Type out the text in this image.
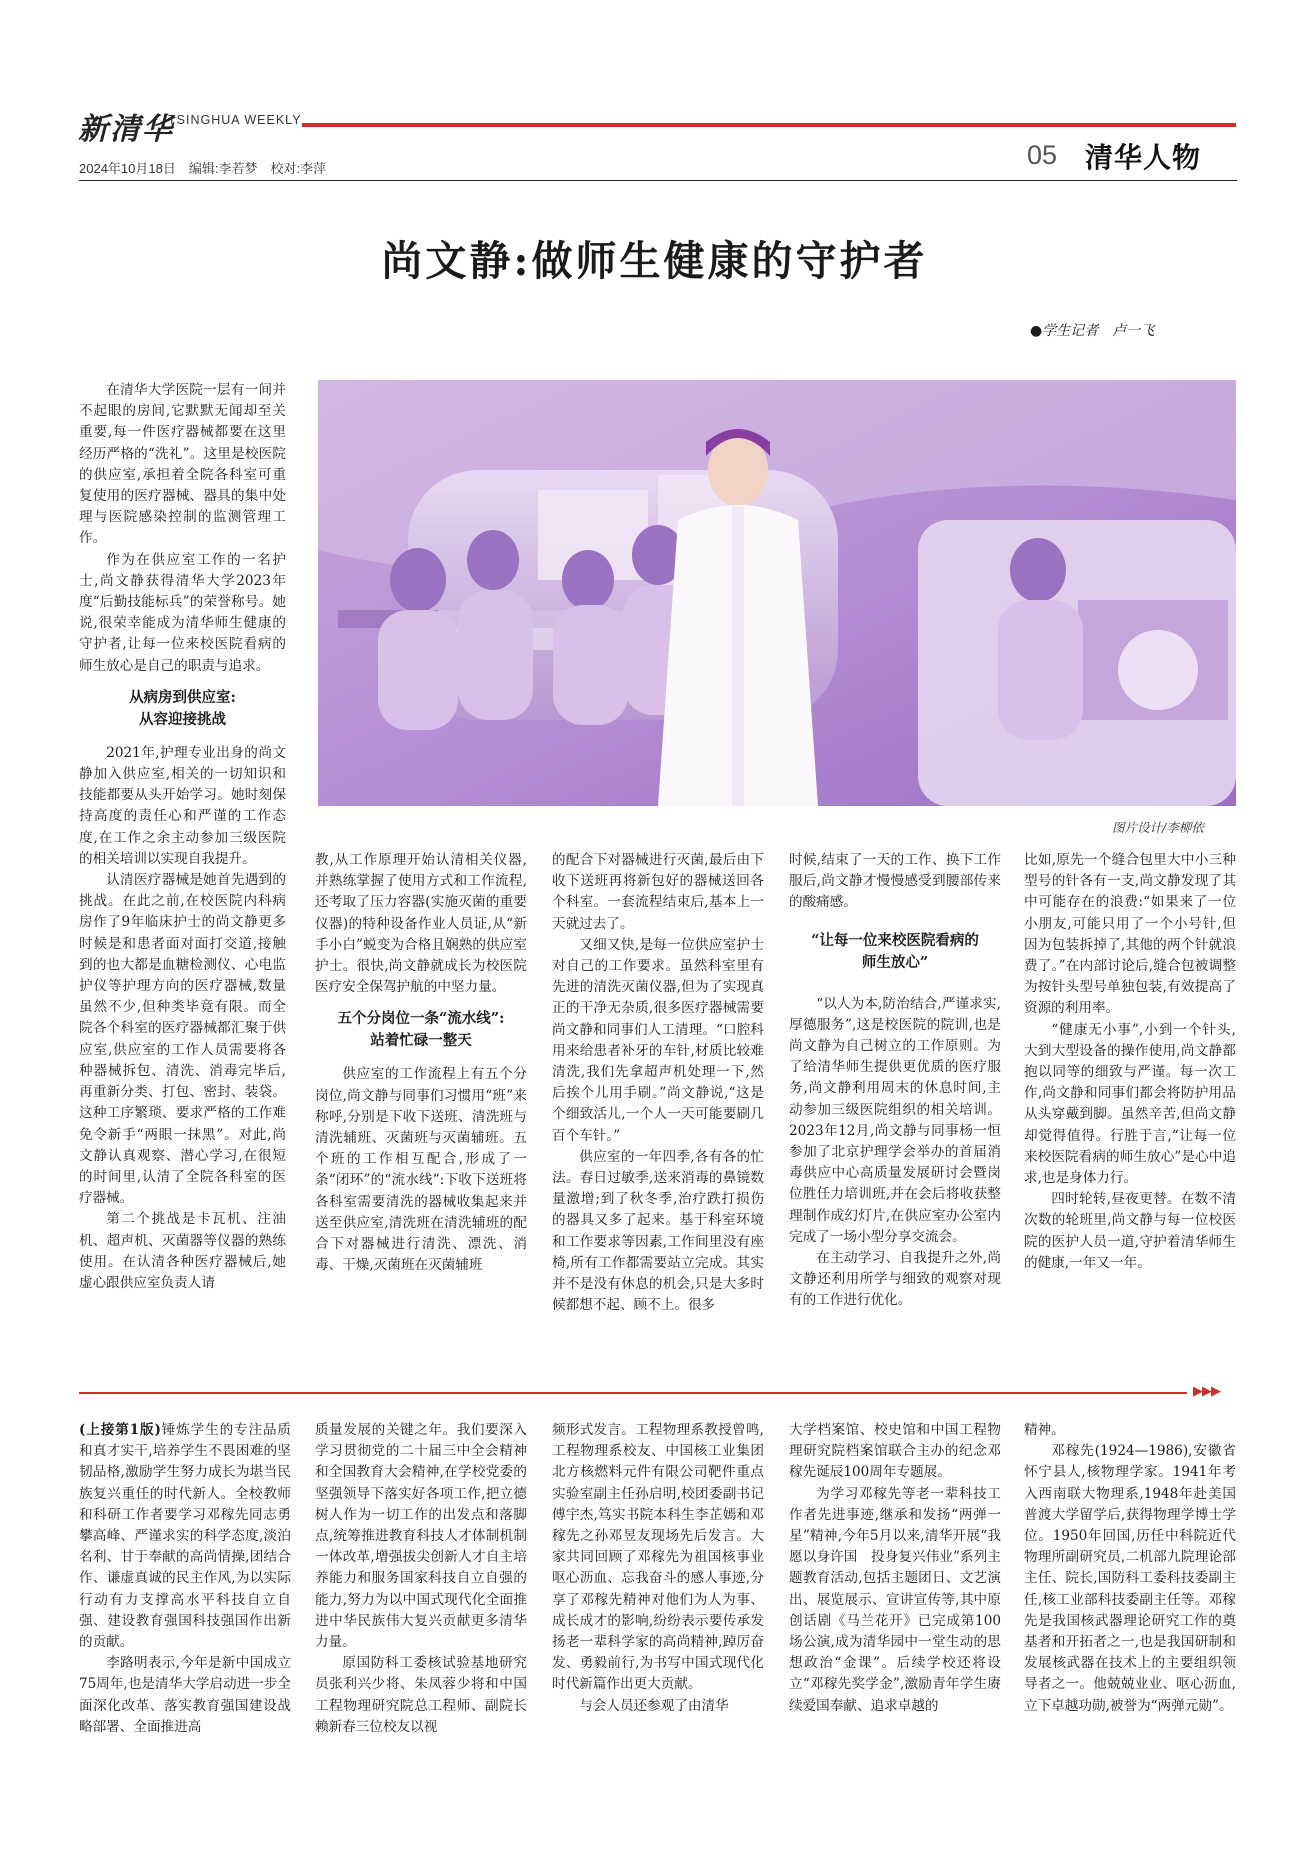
新清华
TSINGHUA WEEKLY
2024年10月18日　编辑:李若梦　校对:李萍	05 清华人物
尚文静:做师生健康的守护者
●学生记者　卢一飞
图片设计/李柳依

在清华大学医院一层有一间并不起眼的房间,它默默无闻却至关重要,每一件医疗器械都要在这里经历严格的“洗礼”。这里是校医院的供应室,承担着全院各科室可重复使用的医疗器械、器具的集中处理与医院感染控制的监测管理工作。

作为在供应室工作的一名护士,尚文静获得清华大学2023年度“后勤技能标兵”的荣誉称号。她说,很荣幸能成为清华师生健康的守护者,让每一位来校医院看病的师生放心是自己的职责与追求。

从病房到供应室:
从容迎接挑战

2021年,护理专业出身的尚文静加入供应室,相关的一切知识和技能都要从头开始学习。她时刻保持高度的责任心和严谨的工作态度,在工作之余主动参加三级医院的相关培训以实现自我提升。

认清医疗器械是她首先遇到的挑战。在此之前,在校医院内科病房作了9年临床护士的尚文静更多时候是和患者面对面打交道,接触到的也大都是血糖检测仪、心电监护仪等护理方向的医疗器械,数量虽然不少,但种类毕竟有限。而全院各个科室的医疗器械都汇聚于供应室,供应室的工作人员需要将各种器械拆包、清洗、消毒完毕后,再重新分类、打包、密封、装袋。这种工序繁琐、要求严格的工作难免令新手“两眼一抹黑”。对此,尚文静认真观察、潜心学习,在很短的时间里,认清了全院各科室的医疗器械。

第二个挑战是卡瓦机、注油机、超声机、灭菌器等仪器的熟练使用。在认清各种医疗器械后,她虚心跟供应室负责人请

教,从工作原理开始认清相关仪器,并熟练掌握了使用方式和工作流程,还考取了压力容器(实施灭菌的重要仪器)的特种设备作业人员证,从“新手小白”蜕变为合格且娴熟的供应室护士。很快,尚文静就成长为校医院医疗安全保驾护航的中坚力量。

五个分岗位一条“流水线”:
站着忙碌一整天

供应室的工作流程上有五个分岗位,尚文静与同事们习惯用“班”来称呼,分别是下收下送班、清洗班与清洗辅班、灭菌班与灭菌辅班。五个班的工作相互配合,形成了一条“闭环”的“流水线”:下收下送班将各科室需要清洗的器械收集起来并送至供应室,清洗班在清洗辅班的配合下对器械进行清洗、漂洗、消毒、干燥,灭菌班在灭菌辅班

的配合下对器械进行灭菌,最后由下收下送班再将新包好的器械送回各个科室。一套流程结束后,基本上一天就过去了。

又细又快,是每一位供应室护士对自己的工作要求。虽然科室里有先进的清洗灭菌仪器,但为了实现真正的干净无杂质,很多医疗器械需要尚文静和同事们人工清理。“口腔科用来给患者补牙的车针,材质比较难清洗,我们先拿超声机处理一下,然后挨个儿用手刷。”尚文静说,“这是个细致活儿,一个人一天可能要刷几百个车针。”

供应室的一年四季,各有各的忙法。春日过敏季,送来消毒的鼻镜数量激增;到了秋冬季,治疗跌打损伤的器具又多了起来。基于科室环境和工作要求等因素,工作间里没有座椅,所有工作都需要站立完成。其实并不是没有休息的机会,只是大多时候都想不起、顾不上。很多

时候,结束了一天的工作、换下工作服后,尚文静才慢慢感受到腰部传来的酸痛感。

“让每一位来校医院看病的
师生放心”

“以人为本,防治结合,严谨求实,厚德服务”,这是校医院的院训,也是尚文静为自己树立的工作原则。为了给清华师生提供更优质的医疗服务,尚文静利用周末的休息时间,主动参加三级医院组织的相关培训。2023年12月,尚文静与同事杨一恒参加了北京护理学会举办的首届消毒供应中心高质量发展研讨会暨岗位胜任力培训班,并在会后将收获整理制作成幻灯片,在供应室办公室内完成了一场小型分享交流会。

在主动学习、自我提升之外,尚文静还利用所学与细致的观察对现有的工作进行优化。

比如,原先一个缝合包里大中小三种型号的针各有一支,尚文静发现了其中可能存在的浪费:“如果来了一位小朋友,可能只用了一个小号针,但因为包装拆掉了,其他的两个针就浪费了。”在内部讨论后,缝合包被调整为按针头型号单独包装,有效提高了资源的利用率。

“健康无小事”,小到一个针头,大到大型设备的操作使用,尚文静都抱以同等的细致与严谨。每一次工作,尚文静和同事们都会将防护用品从头穿戴到脚。虽然辛苦,但尚文静却觉得值得。行胜于言,“让每一位来校医院看病的师生放心”是心中追求,也是身体力行。

四时轮转,昼夜更替。在数不清次数的轮班里,尚文静与每一位校医院的医护人员一道,守护着清华师生的健康,一年又一年。

▶▶▶

(上接第1版)锤炼学生的专注品质和真才实干,培养学生不畏困难的坚韧品格,激励学生努力成长为堪当民族复兴重任的时代新人。全校教师和科研工作者要学习邓稼先同志勇攀高峰、严谨求实的科学态度,淡泊名利、甘于奉献的高尚情操,团结合作、谦虚真诚的民主作风,为以实际行动有力支撑高水平科技自立自强、建设教育强国科技强国作出新的贡献。

李路明表示,今年是新中国成立75周年,也是清华大学启动进一步全面深化改革、落实教育强国建设战略部署、全面推进高

质量发展的关键之年。我们要深入学习贯彻党的二十届三中全会精神和全国教育大会精神,在学校党委的坚强领导下落实好各项工作,把立德树人作为一切工作的出发点和落脚点,统筹推进教育科技人才体制机制一体改革,增强拔尖创新人才自主培养能力和服务国家科技自立自强的能力,努力为以中国式现代化全面推进中华民族伟大复兴贡献更多清华力量。

原国防科工委核试验基地研究员张利兴少将、朱凤蓉少将和中国工程物理研究院总工程师、副院长赖新春三位校友以视

频形式发言。工程物理系教授曾鸣,工程物理系校友、中国核工业集团北方核燃料元件有限公司靶件重点实验室副主任孙启明,校团委副书记傅宇杰,笃实书院本科生李芷嫣和邓稼先之孙邓昱友现场先后发言。大家共同回顾了邓稼先为祖国核事业呕心沥血、忘我奋斗的感人事迹,分享了邓稼先精神对他们为人为事、成长成才的影响,纷纷表示要传承发扬老一辈科学家的高尚精神,踔厉奋发、勇毅前行,为书写中国式现代化时代新篇作出更大贡献。

与会人员还参观了由清华

大学档案馆、校史馆和中国工程物理研究院档案馆联合主办的纪念邓稼先诞辰100周年专题展。

为学习邓稼先等老一辈科技工作者先进事迹,继承和发扬“两弹一星”精神,今年5月以来,清华开展“我愿以身许国　投身复兴伟业”系列主题教育活动,包括主题团日、文艺演出、展览展示、宣讲宣传等,其中原创话剧《马兰花开》已完成第100场公演,成为清华园中一堂生动的思想政治“金课”。后续学校还将设立“邓稼先奖学金”,激励青年学生赓续爱国奉献、追求卓越的

精神。

邓稼先(1924—1986),安徽省怀宁县人,核物理学家。1941年考入西南联大物理系,1948年赴美国普渡大学留学后,获得物理学博士学位。1950年回国,历任中科院近代物理所副研究员,二机部九院理论部主任、院长,国防科工委科技委副主任,核工业部科技委副主任等。邓稼先是我国核武器理论研究工作的奠基者和开拓者之一,也是我国研制和发展核武器在技术上的主要组织领导者之一。他兢兢业业、呕心沥血,立下卓越功勋,被誉为“两弹元勋”。
